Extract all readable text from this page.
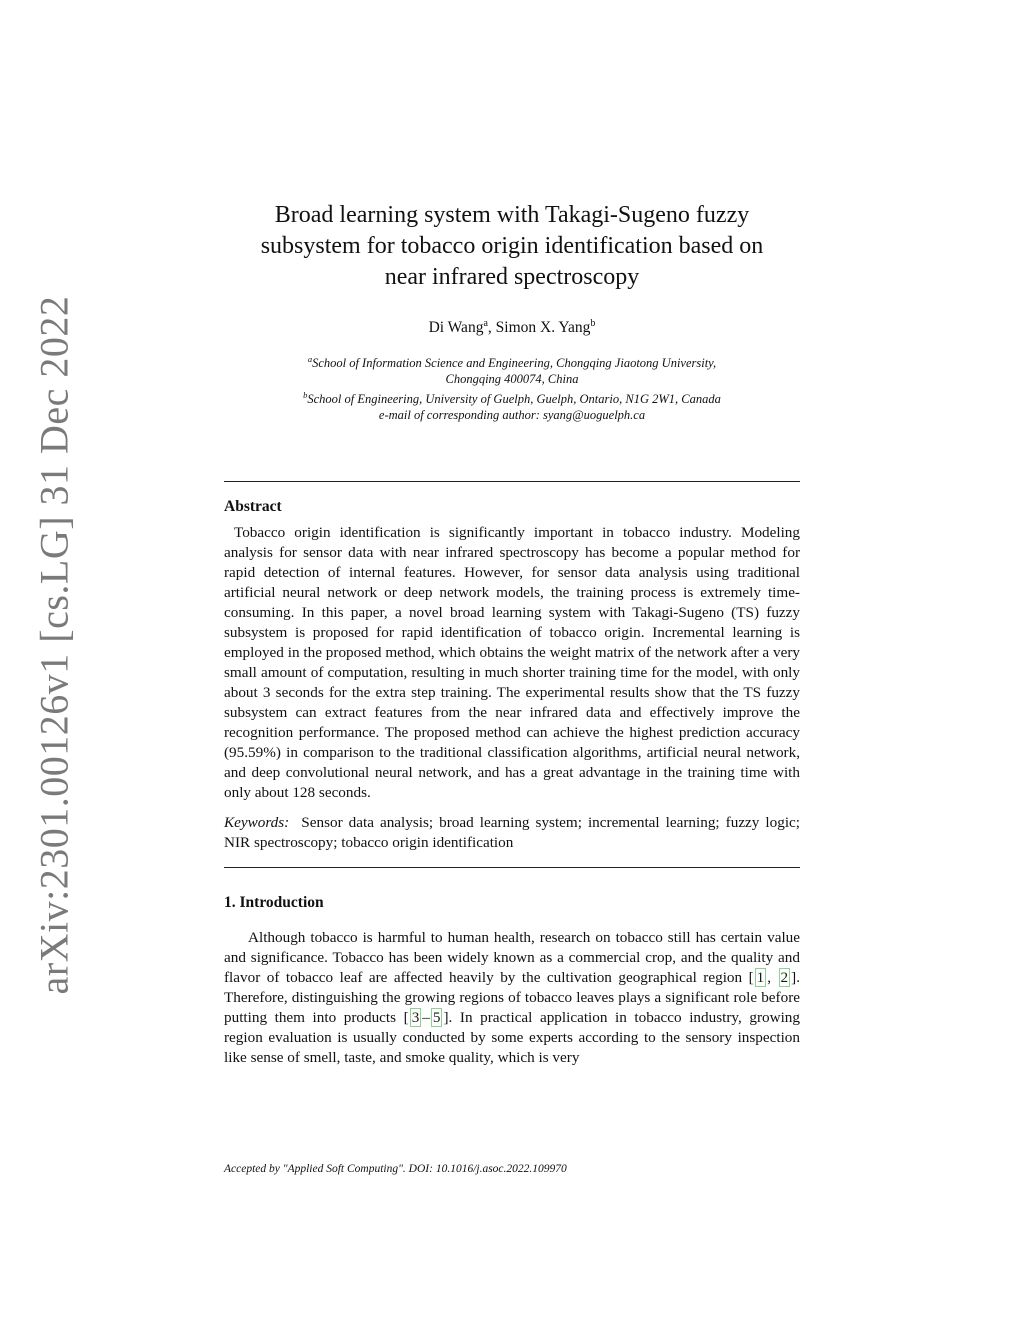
arXiv:2301.00126v1 [cs.LG] 31 Dec 2022
Broad learning system with Takagi-Sugeno fuzzy
subsystem for tobacco origin identification based on
near infrared spectroscopy
Di Wang$^a$, Simon X. Yang$^b$
$^a$School of Information Science and Engineering, Chongqing Jiaotong University,
Chongqing 400074, China
$^b$School of Engineering, University of Guelph, Guelph, Ontario, N1G 2W1, Canada
e-mail of corresponding author: syang@uoguelph.ca
Abstract

Tobacco origin identification is significantly important in tobacco industry. Modeling analysis for sensor data with near infrared spectroscopy has become a popular method for rapid detection of internal features. However, for sensor data analysis using traditional artificial neural network or deep network models, the training process is extremely time-consuming. In this paper, a novel broad learning system with Takagi-Sugeno (TS) fuzzy subsystem is proposed for rapid identification of tobacco origin. Incremental learning is employed in the proposed method, which obtains the weight matrix of the network after a very small amount of computation, resulting in much shorter training time for the model, with only about 3 seconds for the extra step training. The experimental results show that the TS fuzzy subsystem can extract features from the near infrared data and effectively improve the recognition performance. The proposed method can achieve the highest prediction accuracy (95.59%) in comparison to the traditional classification algorithms, artificial neural network, and deep convolutional neural network, and has a great advantage in the training time with only about 128 seconds.

Keywords: Sensor data analysis; broad learning system; incremental learning; fuzzy logic; NIR spectroscopy; tobacco origin identification

1. Introduction

Although tobacco is harmful to human health, research on tobacco still has certain value and significance. Tobacco has been widely known as a commercial crop, and the quality and flavor of tobacco leaf are affected heavily by the cultivation geographical region [ 1 , 2 ]. Therefore, distinguishing the growing regions of tobacco leaves plays a significant role before putting them into products [ 3 – 5 ]. In practical application in tobacco industry, growing region evaluation is usually conducted by some experts according to the sensory inspection like sense of smell, taste, and smoke quality, which is very

Accepted by "Applied Soft Computing". DOI: 10.1016/j.asoc.2022.109970
